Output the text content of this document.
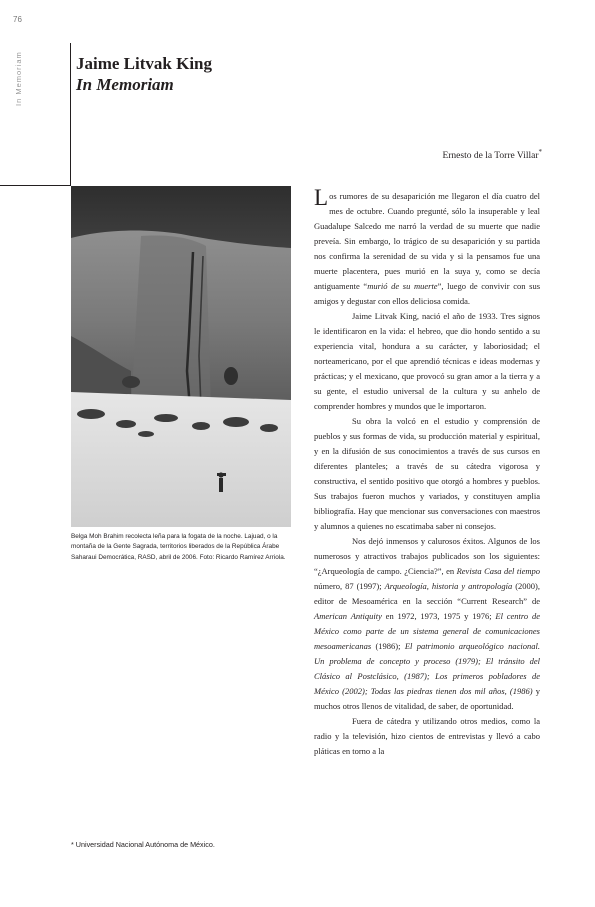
76
In Memoriam	Jaime Litvak King
In Memoriam
Ernesto de la Torre Villar*
Belga Moh Brahim recolecta leña para la fogata de la noche. Lajuad, o la montaña de la Gente Sagrada, territorios liberados de la República Árabe Saharaui Democrática, RASD, abril de 2006. Foto: Ricardo Ramírez Arriola.
* Universidad Nacional Autónoma de México.

Los rumores de su desaparición me llegaron el día cuatro del mes de octubre. Cuando pregunté, sólo la insuperable y leal Guadalupe Salcedo me narró la verdad de su muerte que nadie preveía. Sin embargo, lo trágico de su desaparición y su partida nos confirma la serenidad de su vida y si la pensamos fue una muerte placentera, pues murió en la suya y, como se decía antiguamente “murió de su muerte”, luego de convivir con sus amigos y degustar con ellos deliciosa comida.

Jaime Litvak King, nació el año de 1933. Tres signos le identificaron en la vida: el hebreo, que dio hondo sentido a su experiencia vital, hondura a su carácter, y laboriosidad; el norteamericano, por el que aprendió técnicas e ideas modernas y prácticas; y el mexicano, que provocó su gran amor a la tierra y a su gente, el estudio universal de la cultura y su anhelo de comprender hombres y mundos que le importaron.

Su obra la volcó en el estudio y comprensión de pueblos y sus formas de vida, su producción material y espiritual, y en la difusión de sus conocimientos a través de sus cursos en diferentes planteles; a través de su cátedra vigorosa y constructiva, el sentido positivo que otorgó a hombres y pueblos. Sus trabajos fueron muchos y variados, y constituyen amplia bibliografía. Hay que mencionar sus conversaciones con maestros y alumnos a quienes no escatimaba saber ni consejos.

Nos dejó inmensos y calurosos éxitos. Algunos de los numerosos y atractivos trabajos publicados son los siguientes: “¿Arqueología de campo. ¿Ciencia?”, en Revista Casa del tiempo número, 87 (1997); Arqueología, historia y antropología (2000), editor de Mesoamérica en la sección “Current Research” de American Antiquity en 1972, 1973, 1975 y 1976; El centro de México como parte de un sistema general de comunicaciones mesoamericanas (1986); El patrimonio arqueológico nacional. Un problema de concepto y proceso (1979); El tránsito del Clásico al Postclásico, (1987); Los primeros pobladores de México (2002); Todas las piedras tienen dos mil años, (1986) y muchos otros llenos de vitalidad, de saber, de oportunidad.

Fuera de cátedra y utilizando otros medios, como la radio y la televisión, hizo cientos de entrevistas y llevó a cabo pláticas en torno a la
